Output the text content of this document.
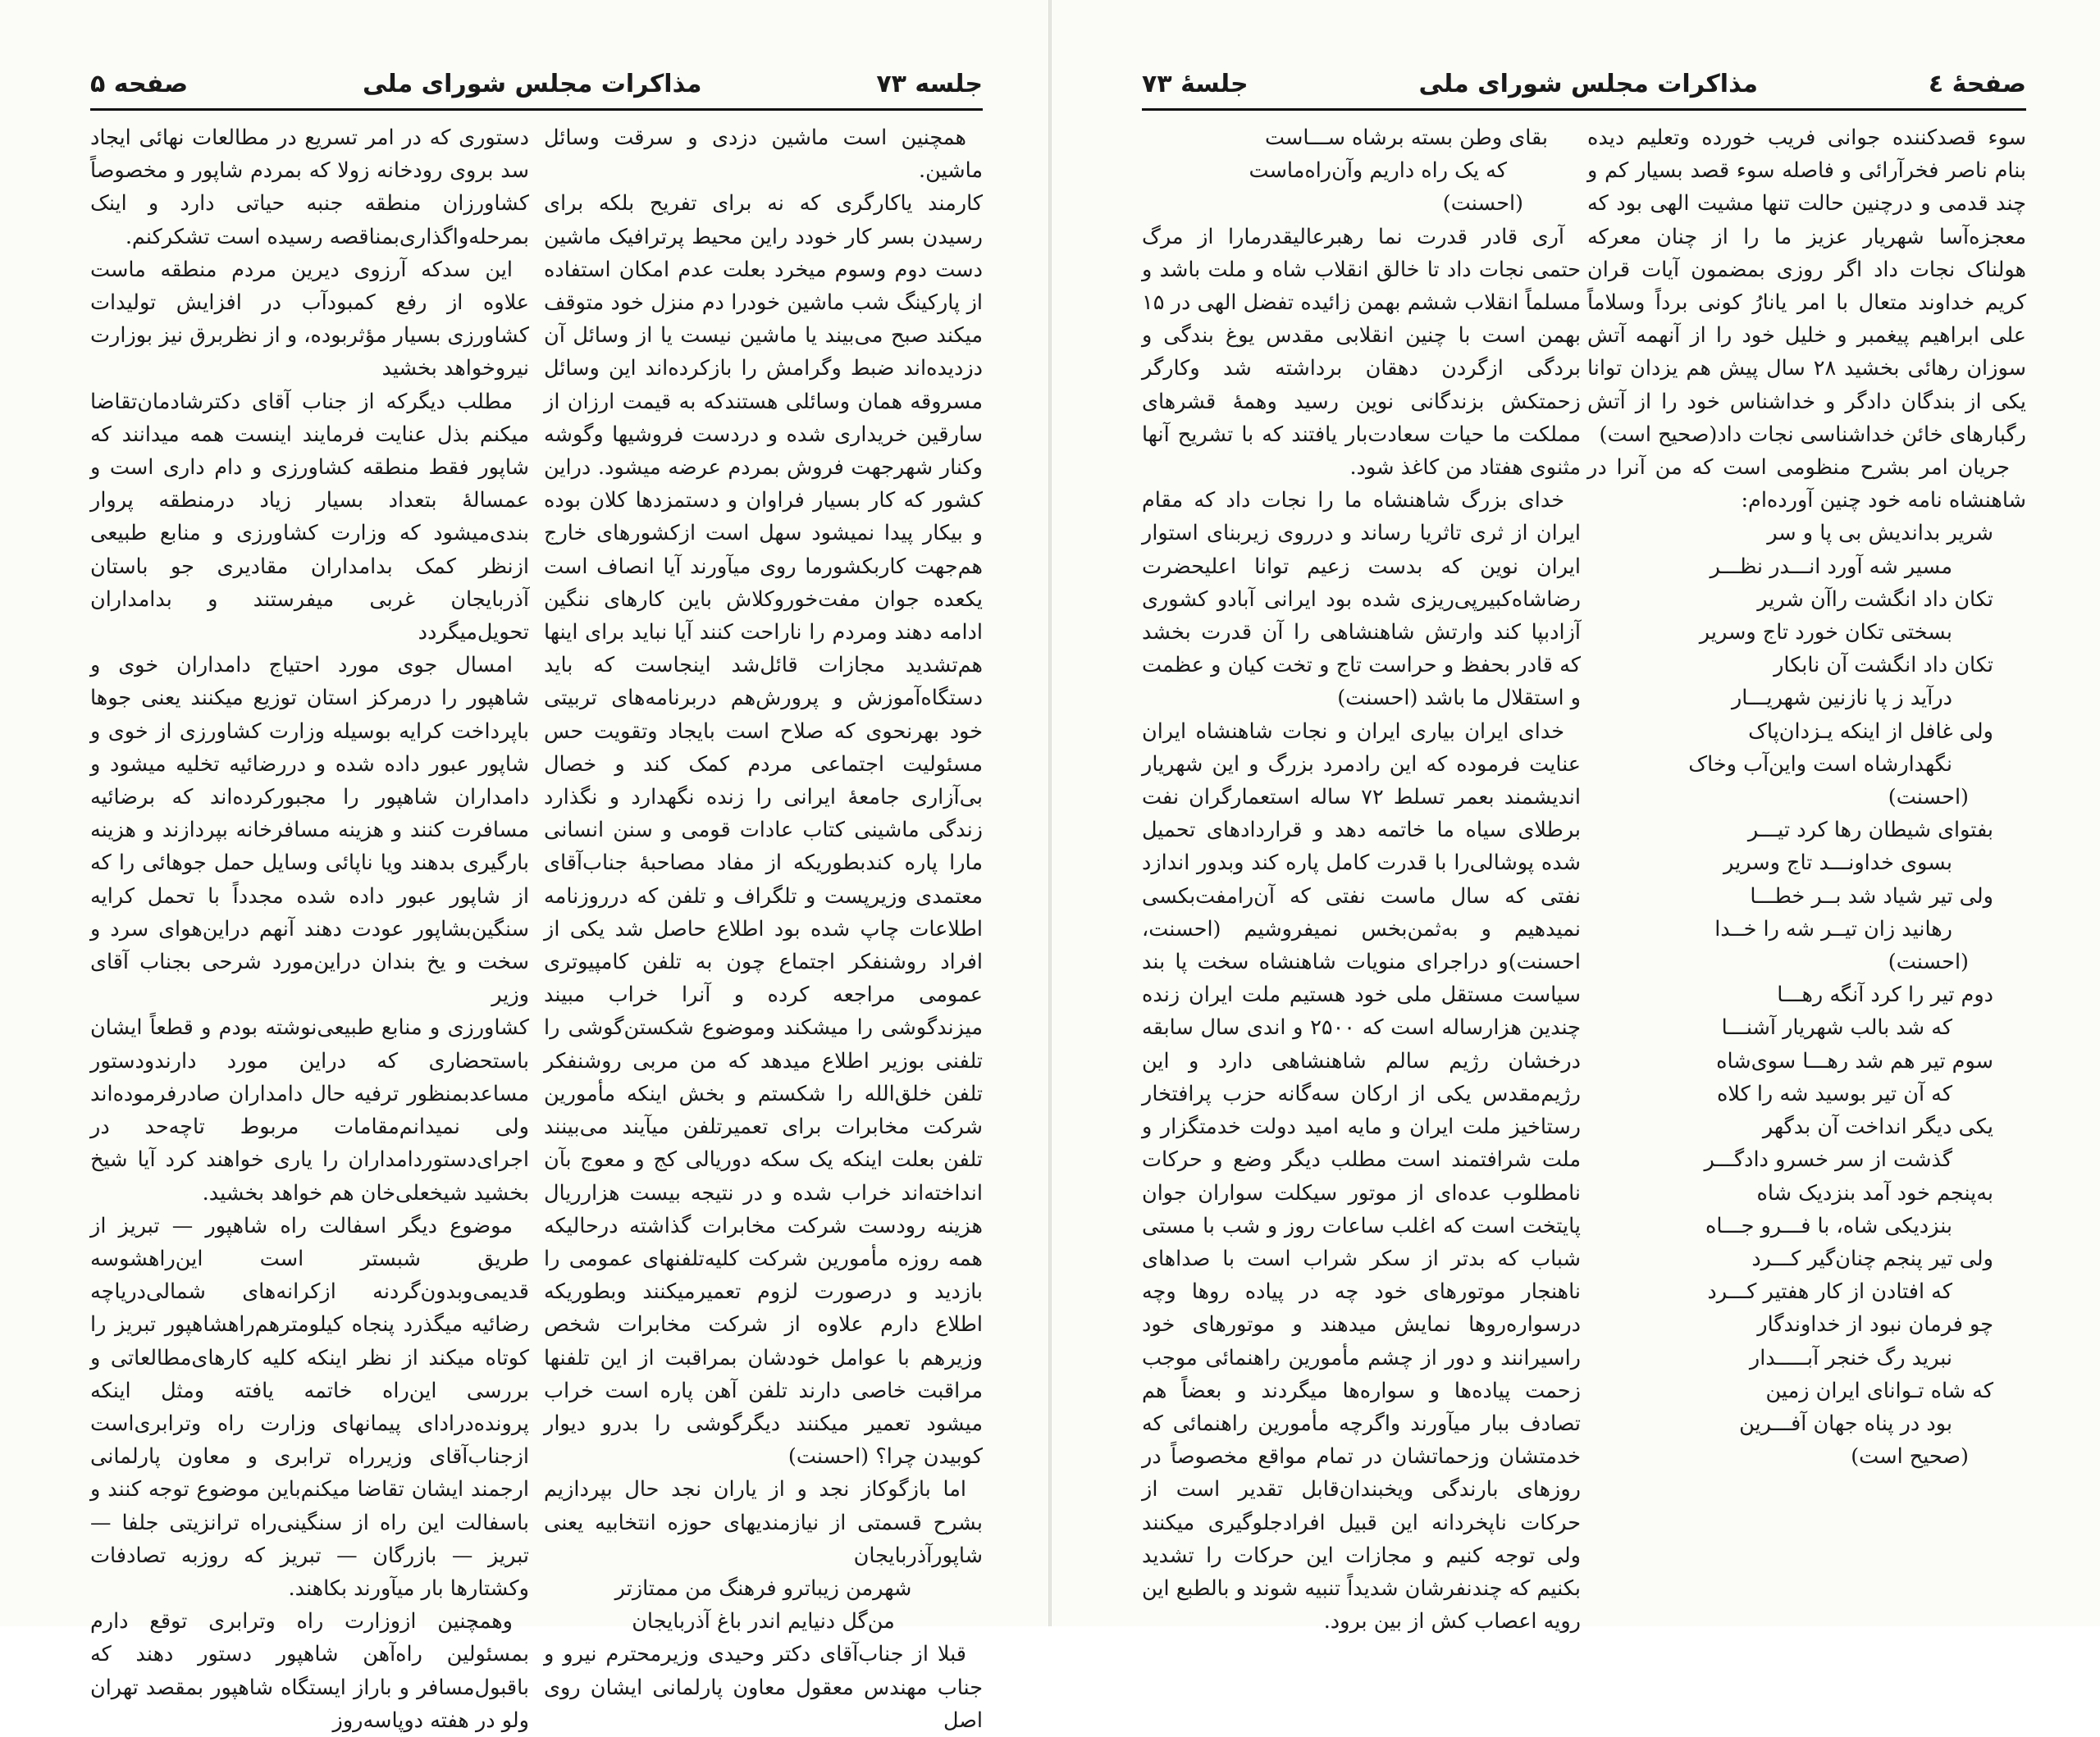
جلسه ۷۳
مذاکرات مجلس شورای ملی
صفحه ۵

همچنین است ماشین دزدی و سرقت وسائل ماشین.

کارمند یاکارگری که نه برای تفریح بلکه برای رسیدن بسر کار خودد راین محیط پرترافیک ماشین دست دوم وسوم میخرد بعلت عدم امکان استفاده از پارکینگ شب ماشین خودرا دم منزل خود متوقف میکند صبح می‌بیند یا ماشین نیست یا از وسائل آن دزدیده‌اند ضبط وگرامش را بازکرده‌اند این وسائل مسروقه همان وسائلی هستندکه به قیمت ارزان از سارقین خریداری شده و دردست فروشیها وگوشه وکنار شهرجهت فروش بمردم عرضه میشود. دراین کشور که کار بسیار فراوان و دستمزدها کلان بوده و بیکار پیدا نمیشود سهل است ازکشورهای خارج هم‌جهت کاربکشورما روی میآورند آیا انصاف است یکعده جوان مفت‌خوروکلاش باین کارهای ننگین ادامه دهند ومردم را ناراحت کنند آیا نباید برای اینها هم‌تشدید مجازات قائل‌شد اینجاست که باید دستگاه‌آموزش و پرورش‌هم دربرنامه‌های تربیتی خود بهرنحوی که صلاح است بایجاد وتقویت حس مسئولیت اجتماعی مردم کمک کند و خصال بی‌آزاری جامعهٔ ایرانی را زنده نگهدارد و نگذارد زندگی ماشینی کتاب عادات قومی و سنن انسانی مارا پاره کندبطوریکه از مفاد مصاحبهٔ جناب‌آقای معتمدی وزیرپست و تلگراف و تلفن که درروزنامه اطلاعات چاپ شده بود اطلاع حاصل شد یکی از افراد روشنفکر اجتماع چون به تلفن کامپیوتری عمومی مراجعه کرده و آنرا خراب مبیند میزندگوشی را میشکند وموضوع شکستن‌گوشی را تلفنی بوزیر اطلاع میدهد که من مربی روشنفکر تلفن خلق‌الله را شکستم و بخش اینکه مأمورین شرکت مخابرات برای تعمیرتلفن میآیند می‌بینند تلفن بعلت اینکه یک سکه دوریالی کج و معوج بآن انداخته‌اند خراب شده و در نتیجه بیست هزارریال هزینه رودست شرکت مخابرات گذاشته درحالیکه همه روزه مأمورین شرکت کلیه‌تلفنهای عمومی را بازدید و درصورت لزوم تعمیرمیکنند وبطوریکه اطلاع دارم علاوه از شرکت مخابرات شخص وزیرهم با عوامل خودشان بمراقبت از این تلفنها مراقبت خاصی دارند تلفن آهن پاره است خراب میشود تعمیر میکنند دیگرگوشی را بدرو دیوار کوبیدن چرا؟ (احسنت)

اما بازگوکاز نجد و از یاران نجد حال بپردازیم بشرح قسمتی از نیازمندیهای حوزه انتخابیه یعنی شاپورآذربایجان

شهرمن زیباترو فرهنگ من ممتازتر
من‌گل دنیایم اندر باغ آذربایجان

قبلا از جناب‌آقای دکتر وحیدی وزیرمحترم نیرو و جناب مهندس معقول معاون پارلمانی ایشان روی اصل

دستوری که در امر تسریع در مطالعات نهائی ایجاد سد بروی رودخانه زولا که بمردم شاپور و مخصوصاً کشاورزان منطقه جنبه حیاتی دارد و اینک بمرحله‌واگذاری‌بمناقصه رسیده است تشکرکنم.

این سدکه آرزوی دیرین مردم منطقه ماست علاوه از رفع کمبودآب در افزایش تولیدات کشاورزی بسیار مؤثربوده، و از نظربرق نیز بوزارت نیروخواهد بخشید

مطلب دیگرکه از جناب آقای دکترشادمان‌تقاضا میکنم بذل عنایت فرمایند اینست همه میدانند که شاپور فقط منطقه کشاورزی و دام داری است و عمسالۀ بتعداد بسیار زیاد درمنطقه پروار بندی‌میشود که وزارت کشاورزی و منابع طبیعی ازنظر کمک بدامداران مقادیری جو باستان آذربایجان غربی میفرستند و بدامداران تحویل‌میگردد

امسال جوی مورد احتیاج دامداران خوی و شاهپور را درمرکز استان توزیع میکنند یعنی جوها باپرداخت کرایه بوسیله وزارت کشاورزی از خوی و شاپور عبور داده شده و دررضائیه تخلیه میشود و دامداران شاهپور را مجبورکرده‌اند که برضائیه مسافرت کنند و هزینه مسافرخانه بپردازند و هزینه بارگیری بدهند ویا ناپائی وسایل حمل جوهائی را که از شاپور عبور داده شده مجدداً با تحمل کرایه سنگین‌بشاپور عودت دهند آنهم دراین‌هوای سرد و سخت و یخ بندان دراین‌مورد شرحی بجناب آقای وزیر

کشاورزی و منابع طبیعی‌نوشته بودم و قطعاً ایشان باستحضاری که دراین مورد دارندودستور مساعدبمنظور ترفیه حال دامداران صادرفرموده‌اند ولی نمیدانم‌مقامات مربوط تا‌چه‌حد در اجرای‌دستور‌دامداران را یاری خواهند کرد آیا شیخ بخشید شیخعلی‌خان هم خواهد بخشید.

موضوع دیگر اسفالت راه شاهپور — تبریز از طریق شبستر است این‌راهشوسه قدیمی‌وبدون‌گردنه ازکرانه‌های شمالی‌دریاچه رضائیه میگذرد پنجاه کیلومترهم‌راهشاهپور تبریز را کوتاه میکند از نظر اینکه کلیه کارهای‌مطالعاتی و بررسی این‌راه خاتمه یافته ومثل اینکه پرونده‌درادای پیمانهای وزارت راه وترابری‌است ازجناب‌آقای وزیرراه ترابری و معاون پارلمانی ارجمند ایشان تقاضا میکنم‌باین موضوع توجه کنند و باسفالت این راه از سنگینی‌راه ترانزیتی جلفا — تبریز — بازرگان — تبریز که روزبه تصادفات وکشتارها بار میآورند بکاهند.

وهمچنین ازوزارت راه وترابری توقع دارم بمسئولین راه‌آهن شاهپور دستور دهند که باقبول‌مسافر و باراز ایستگاه شاهپور بمقصد تهران ولو در هفته دوپاسه‌روز

صفحهٔ ٤
مذاکرات مجلس شورای ملی
جلسهٔ ۷۳
سوء قصدکننده جوانی فریب خورده وتعلیم دیده بنام ناصر فخرآرائی و فاصله سوء قصد بسیار کم و چند قدمی و درچنین حالت تنها مشیت الهی بود که معجزه‌آسا شهریار عزیز ما را از چنان معرکه هولناک نجات داد اگر روزی بمضمون آیات قران کریم خداوند متعال با امر یانارُ کونی برداً وسلاماً علی ابراهیم پیغمبر و خلیل خود را از آنهمه آتش سوزان رهائی بخشید ۲۸ سال پیش هم یزدان توانا یکی از بندگان دادگر و خداشناس خود را از آتش رگبارهای خائن خداشناسی نجات داد(صحیح است)

جریان امر بشرح منظومی است که من آنرا در شاهنشاه نامه خود چنین آورده‌ام:

شریر بداندیش بی پا و سر
مسیر شه آورد انـــدر نظـــر
تکان داد انگشت راآن شریر
بسختی تکان خورد تاج وسریر
تکان داد انگشت آن نابکار
درآید ز پا نازنین شهریـــار
ولی غافل از اینکه یـزدان‌پاک
نگهدارشاه است واین‌آب وخاک
(احسنت)
بفتوای شیطان رها کرد تیـــر
بسوی خداونـــد تاج وسریر
ولی تیر شیاد شد بــر خطـــا
رهانید زان تیــر شه را خــدا
(احسنت)
دوم تیر را کرد آنگه رهـــا
که شد بالب شهریار آشنـــا
سوم تیر هم شد رهـــا سوی‌شاه
که آن تیر بوسید شه را کلاه
یکی دیگر انداخت آن بدگهر
گذشت از سر خسرو دادگـــر
به‌پنجم خود آمد بنزدیک شاه
بنزدیکی شاه، با فـــرو جـــاه
ولی تیر پنجم چنان‌گیر کـــرد
که افتادن از کار هفتیر کـــرد
چو فرمان نبود از خداوندگار
نبرید رگ خنجر آبـــــدار
که شاه تـوانای ایران زمین
بود در پناه جهان آفـــرین
(صحیح است)
بقای وطن بسته برشاه ســـاست
که یک راه داریم وآن‌راه‌ماست
(احسنت)

آری قادر قدرت نما رهبرعالیقدرمارا از مرگ حتمی نجات داد تا خالق انقلاب شاه و ملت باشد و مسلماً انقلاب ششم بهمن زائیده تفضل الهی در ۱۵ بهمن است با چنین انقلابی مقدس یوغ بندگی و بردگی ازگردن دهقان برداشته شد وکارگر زحمتکش بزندگانی نوین رسید وهمهٔ قشرهای مملکت ما حیات سعادت‌بار یافتند که با تشریح آنها مثنوی هفتاد من کاغذ شود.

خدای بزرگ شاهنشاه ما را نجات داد که مقام ایران از ثری تاثریا رساند و درروی زیربنای استوار ایران نوین که بدست زعیم توانا اعلیحضرت رضاشاه‌کبیرپی‌ریزی شده بود ایرانی آبادو کشوری آزادبپا کند وارتش شاهنشاهی را آن قدرت بخشد که قادر بحفظ و حراست تاج و تخت کیان و عظمت و استقلال ما باشد (احسنت)

خدای ایران بیاری ایران و نجات شاهنشاه ایران عنایت فرموده که این رادمرد بزرگ و این شهریار اندیشمند بعمر تسلط ۷۲ ساله استعمارگران نفت برطلای سیاه ما خاتمه دهد و قراردادهای تحمیل شده پوشالی‌را با قدرت کامل پاره کند وبدور اندازد نفتی که سال ماست نفتی که آن‌رامفت‌بکسی نمیدهیم و به‌ثمن‌بخس نمیفروشیم (احسنت، احسنت)و دراجرای منویات شاهنشاه سخت پا بند سیاست مستقل ملی خود هستیم ملت ایران زنده چندین هزارساله است که ۲۵۰۰ و اندی سال سابقه درخشان رژیم سالم شاهنشاهی دارد و این رژیم‌مقدس یکی از ارکان سه‌گانه حزب پرافتخار رستاخیز ملت ایران و مایه امید دولت خدمتگزار و ملت شرافتمند است مطلب دیگر وضع و حرکات نامطلوب عده‌ای از موتور سیکلت سواران جوان پایتخت است که اغلب ساعات روز و شب با مستی شباب که بدتر از سکر شراب است با صداهای ناهنجار موتورهای خود چه در پیاده روها وچه درسواره‌روها نمایش میدهند و موتورهای خود راسیرانند و دور از چشم مأمورین راهنمائی موجب زحمت پیاده‌ها و سواره‌ها میگردند و بعضاً هم تصادف ببار میآورند واگرچه مأمورین راهنمائی که خدمتشان وزحماتشان در تمام مواقع مخصوصاً در روزهای بارندگی ویخبندان‌قابل تقدیر است از حرکات ناپخردانه این قبیل افرادجلوگیری میکنند ولی توجه کنیم و مجازات این حرکات را تشدید بکنیم که چندنفرشان شدیداً تنبیه شوند و بالطبع این رویه اعصاب کش از بین برود.
